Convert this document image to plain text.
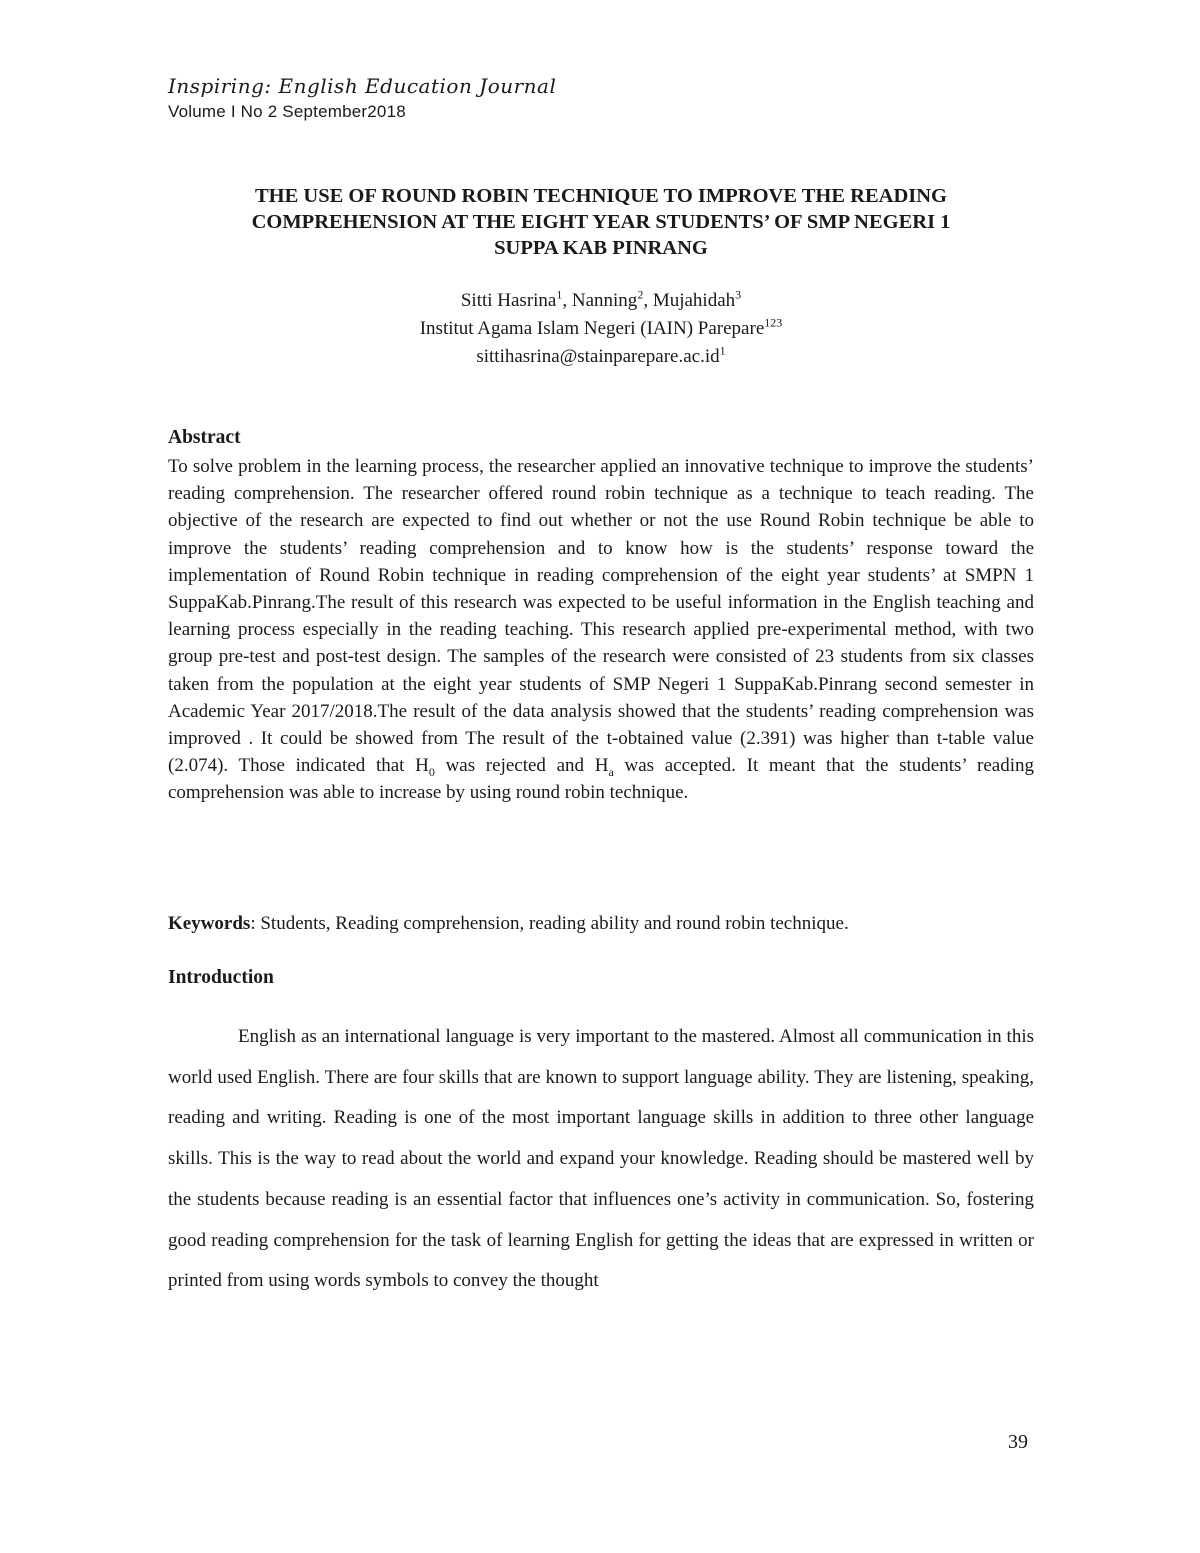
Inspiring: English Education Journal
Volume I No 2 September2018
THE USE OF ROUND ROBIN TECHNIQUE TO IMPROVE THE READING
COMPREHENSION AT THE EIGHT YEAR STUDENTS’ OF SMP NEGERI 1
SUPPA KAB PINRANG
Sitti Hasrina$^1$, Nanning$^2$, Mujahidah$^3$
Institut Agama Islam Negeri (IAIN) Parepare$^{123}$
$sittihasrina@stainparepare.ac.id^1$
Abstract
To solve problem in the learning process, the researcher applied an innovative technique to improve the students’ reading comprehension. The researcher offered round robin technique as a technique to teach reading. The objective of the research are expected to find out whether or not the use Round Robin technique be able to improve the students’ reading comprehension and to know how is the students’ response toward the implementation of Round Robin technique in reading comprehension of the eight year students’ at SMPN 1 SuppaKab.Pinrang.The result of this research was expected to be useful information in the English teaching and learning process especially in the reading teaching. This research applied pre-experimental method, with two group pre-test and post-test design. The samples of the research were consisted of 23 students from six classes taken from the population at the eight year students of SMP Negeri 1 SuppaKab.Pinrang second semester in Academic Year 2017/2018.The result of the data analysis showed that the students’ reading comprehension was improved . It could be showed from The result of the t-obtained value (2.391) was higher than t-table value (2.074). Those indicated that $H_0$ was rejected and $H_a$ was accepted. It meant that the students’ reading comprehension was able to increase by using round robin technique.
Keywords: Students, Reading comprehension, reading ability and round robin technique.
Introduction
English as an international language is very important to the mastered. Almost all communication in this world used English. There are four skills that are known to support language ability. They are listening, speaking, reading and writing. Reading is one of the most important language skills in addition to three other language skills. This is the way to read about the world and expand your knowledge. Reading should be mastered well by the students because reading is an essential factor that influences one’s activity in communication. So, fostering good reading comprehension for the task of learning English for getting the ideas that are expressed in written or printed from using words symbols to convey the thought
39
